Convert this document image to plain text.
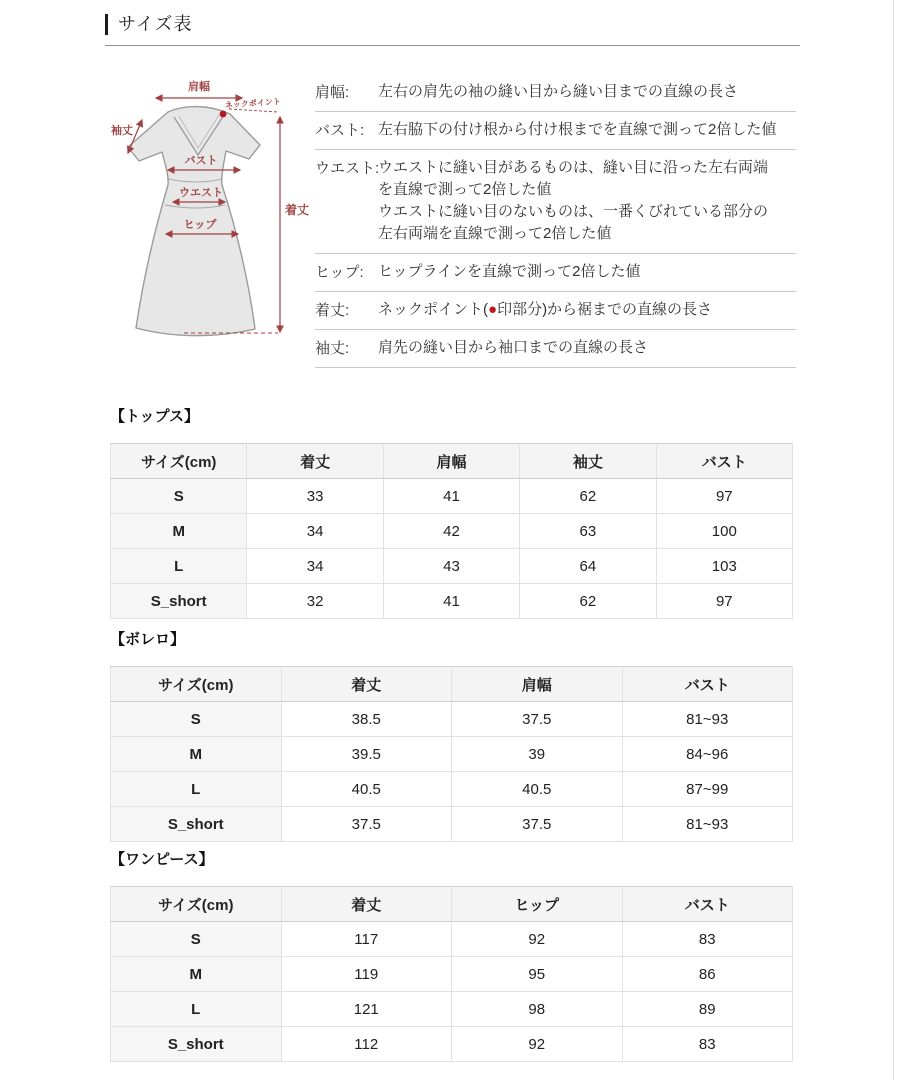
サイズ表
肩幅
ネックポイント
袖丈
バスト
ウエスト
ヒップ
着丈
肩幅:	左右の肩先の袖の縫い目から縫い目までの直線の長さ
バスト: 左右脇下の付け根から付け根までを直線で測って2倍した値
ウエスト:
ウエストに縫い目があるものは、縫い目に沿った左右両端
を直線で測って2倍した値
ウエストに縫い目のないものは、一番くびれている部分の
左右両端を直線で測って2倍した値
ヒップ: ヒップラインを直線で測って2倍した値
着丈:	ネックポイント(●印部分)から裾までの直線の長さ
袖丈:	肩先の縫い目から袖口までの直線の長さ
【トップス】
サイズ(cm)	着丈	肩幅	袖丈	バスト
S	33	41	62	97
M	34	42	63	100
L	34	43	64	103
S_short	32	41	62	97
【ボレロ】
サイズ(cm)	着丈	肩幅	バスト
S	38.5	37.5	81~93
M	39.5	39	84~96
L	40.5	40.5	87~99
S_short	37.5	37.5	81~93
【ワンピース】
サイズ(cm)	着丈	ヒップ	バスト
S	117	92	83
M	119	95	86
L	121	98	89
S_short	112	92	83
